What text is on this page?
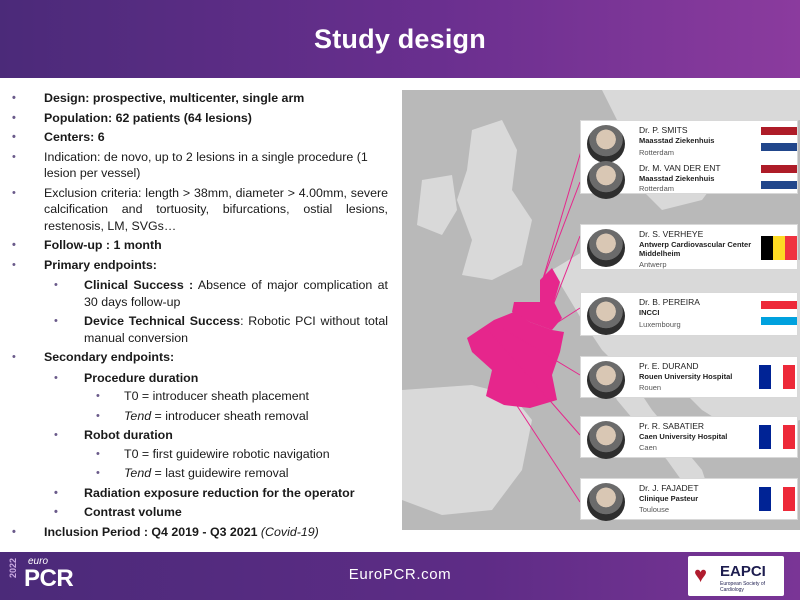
Study design
• Design: prospective, multicenter, single arm
• Population: 62 patients (64 lesions)
• Centers: 6
• Indication: de novo, up to 2 lesions in a single procedure (1 lesion per vessel)
• Exclusion criteria: length > 38mm, diameter > 4.00mm, severe calcification and tortuosity, bifurcations, ostial lesions, restenosis, LM, SVGs…
• Follow-up : 1 month
• Primary endpoints:
• Clinical Success : Absence of major complication at 30 days follow-up
• Device Technical Success: Robotic PCI without total manual conversion
• Secondary endpoints:
• Procedure duration
• T0 = introducer sheath placement
• Tend = introducer sheath removal
• Robot duration
• T0 = first guidewire robotic navigation
• Tend = last guidewire removal
• Radiation exposure reduction for the operator
• Contrast volume
• Inclusion Period : Q4 2019 - Q3 2021 (Covid-19)
Dr. P. SMITS
Maasstad Ziekenhuis
Rotterdam
Dr. M. VAN DER ENT
Maasstad Ziekenhuis
Rotterdam
Dr. S. VERHEYE
Antwerp Cardiovascular Center Middelheim
Antwerp
Dr. B. PEREIRA
INCCI
Luxembourg
Pr. E. DURAND
Rouen University Hospital
Rouen
Pr. R. SABATIER
Caen University Hospital
Caen
Dr. J. FAJADET
Clinique Pasteur
Toulouse
2022 euro
PCR	EuroPCR.com	♥ EAPCI
European Society of Cardiology
